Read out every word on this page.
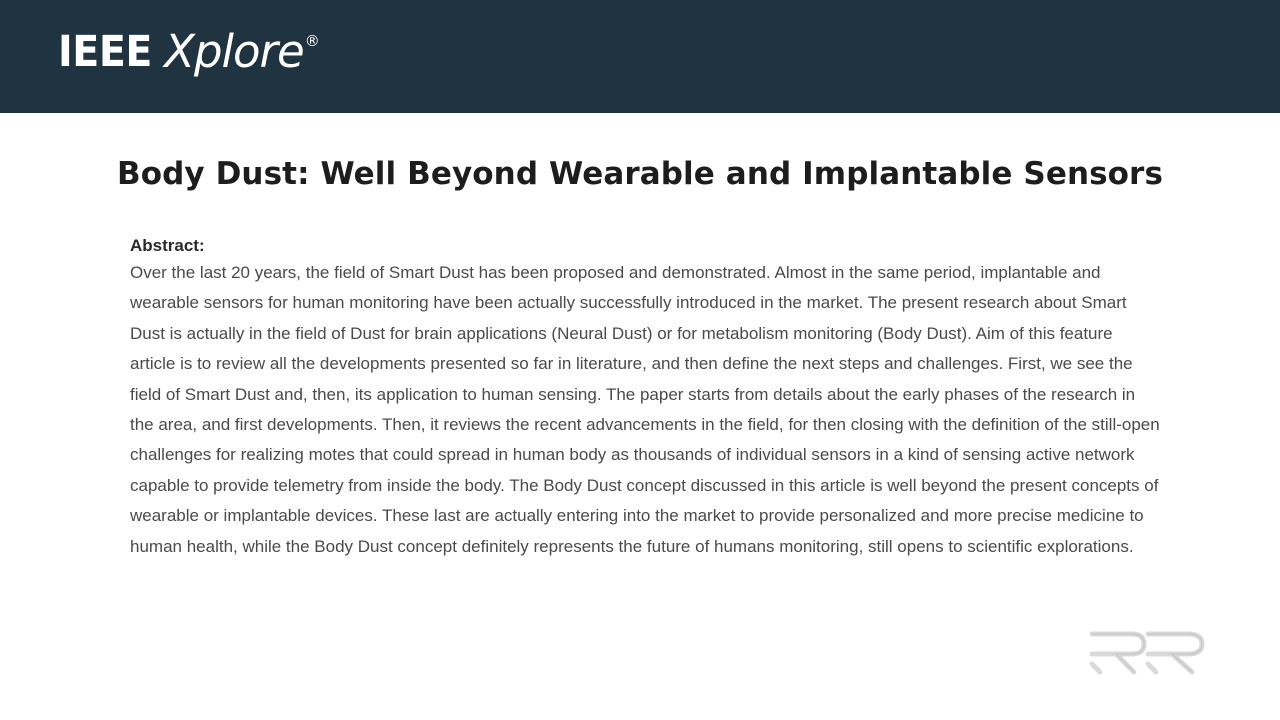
IEEE Xplore ®
Body Dust: Well Beyond Wearable and Implantable Sensors
Abstract:

Over the last 20 years, the field of Smart Dust has been proposed and demonstrated. Almost in the same period, implantable and wearable sensors for human monitoring have been actually successfully introduced in the market. The present research about Smart Dust is actually in the field of Dust for brain applications (Neural Dust) or for metabolism monitoring (Body Dust). Aim of this feature article is to review all the developments presented so far in literature, and then define the next steps and challenges. First, we see the field of Smart Dust and, then, its application to human sensing. The paper starts from details about the early phases of the research in the area, and first developments. Then, it reviews the recent advancements in the field, for then closing with the definition of the still-open challenges for realizing motes that could spread in human body as thousands of individual sensors in a kind of sensing active network capable to provide telemetry from inside the body. The Body Dust concept discussed in this article is well beyond the present concepts of wearable or implantable devices. These last are actually entering into the market to provide personalized and more precise medicine to human health, while the Body Dust concept definitely represents the future of humans monitoring, still opens to scientific explorations.
